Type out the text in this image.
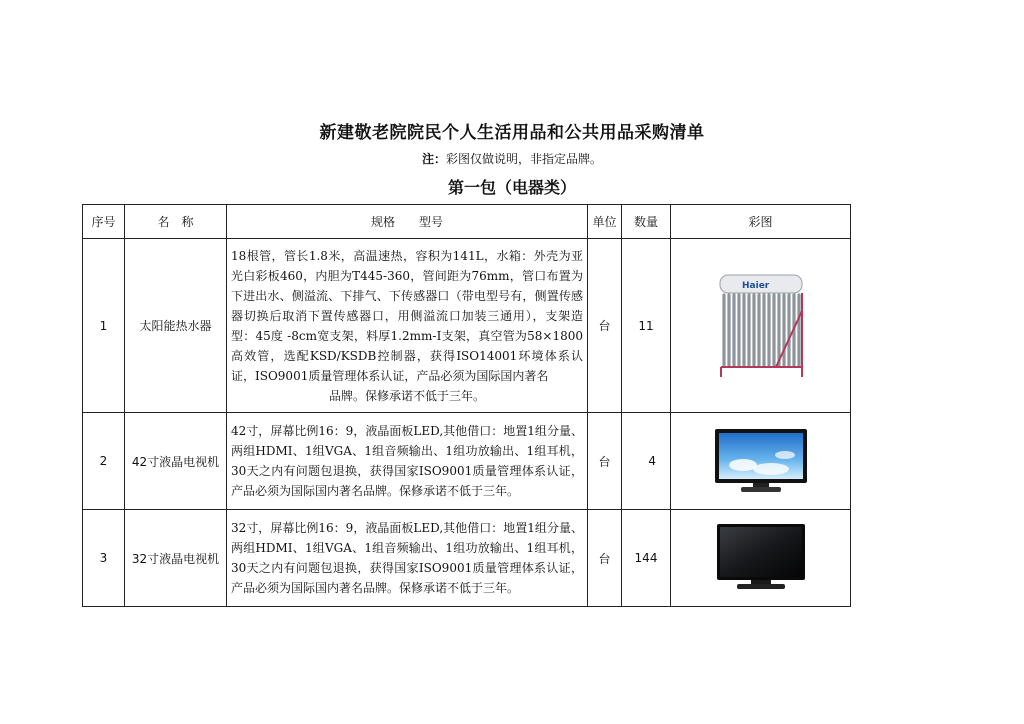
新建敬老院院民个人生活用品和公共用品采购清单
注：彩图仅做说明，非指定品牌。
第一包（电器类）
序号	名　称	规格　　型号	单位	数量	彩图
1	太阳能热水器	18根管，管长1.8米，高温速热，容积为141L，水箱：外壳为亚光白彩板460，内胆为T445-360，管间距为76mm，管口布置为下进出水、侧溢流、下排气、下传感器口（带电型号有，侧置传感器切换后取消下置传感器口，用侧溢流口加装三通用），支架造型：45度 -8cm宽支架，料厚1.2mm-Ⅰ支架，真空管为58×1800高效管，选配KSD/KSDB控制器，获得ISO14001环境体系认证，ISO9001质量管理体系认证，产品必须为国际国内著名
品牌。保修承诺不低于三年。	台	11	Haier

2	42寸液晶电视机	42寸，屏幕比例16：9，液晶面板LED,其他借口：地置1组分量、两组HDMI、1组VGA、1组音频输出、1组功放输出、1组耳机，30天之内有问题包退换，获得国家ISO9001质量管理体系认证，产品必须为国际国内著名品牌。保修承诺不低于三年。	台	4	

3	32寸液晶电视机	32寸，屏幕比例16：9，液晶面板LED,其他借口：地置1组分量、两组HDMI、1组VGA、1组音频输出、1组功放输出、1组耳机，30天之内有问题包退换，获得国家ISO9001质量管理体系认证，产品必须为国际国内著名品牌。保修承诺不低于三年。	台	144	
